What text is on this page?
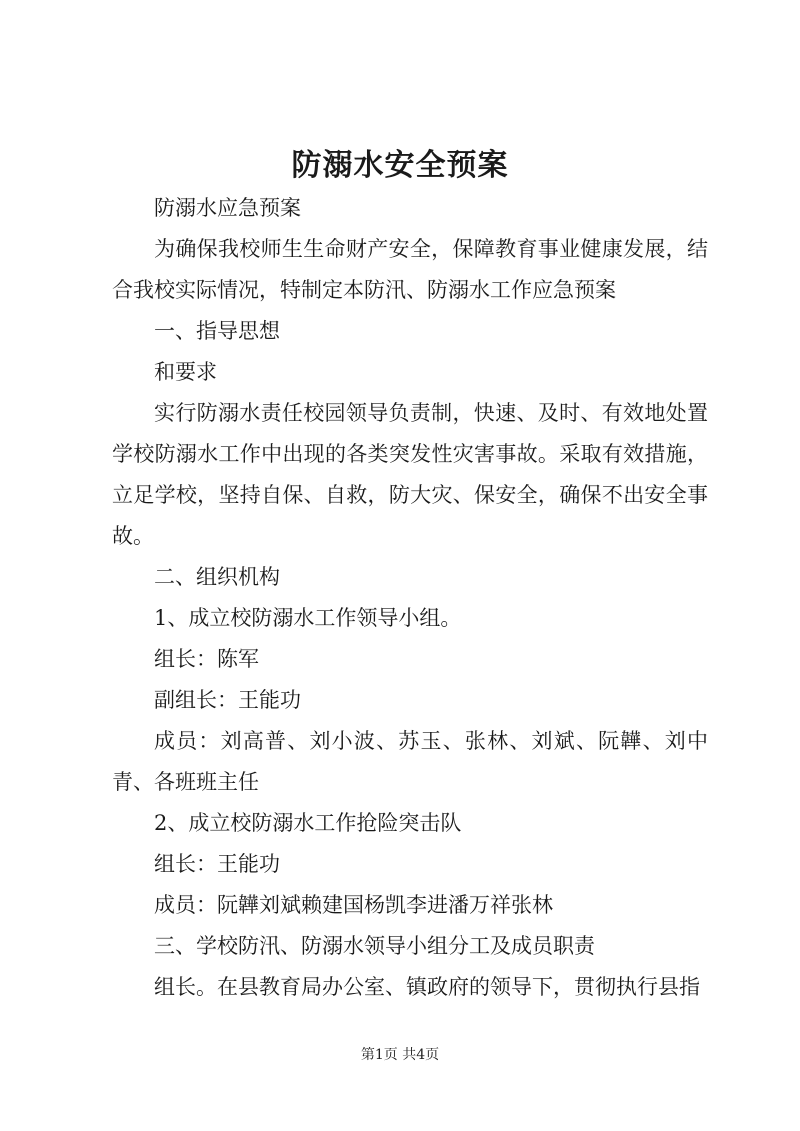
防溺水安全预案

防溺水应急预案

为确保我校师生生命财产安全，保障教育事业健康发展，结合我校实际情况，特制定本防汛、防溺水工作应急预案

一、指导思想

和要求

实行防溺水责任校园领导负责制，快速、及时、有效地处置学校防溺水工作中出现的各类突发性灾害事故。采取有效措施，立足学校，坚持自保、自救，防大灾、保安全，确保不出安全事故。

二、组织机构

1、成立校防溺水工作领导小组。

组长：陈军

副组长：王能功

成员：刘高普、刘小波、苏玉、张林、刘斌、阮韡、刘中青、各班班主任

2、成立校防溺水工作抢险突击队

组长：王能功

成员：阮韡刘斌赖建国杨凯李进潘万祥张林

三、学校防汛、防溺水领导小组分工及成员职责

组长。在县教育局办公室、镇政府的领导下，贯彻执行县指

第1页 共4页
